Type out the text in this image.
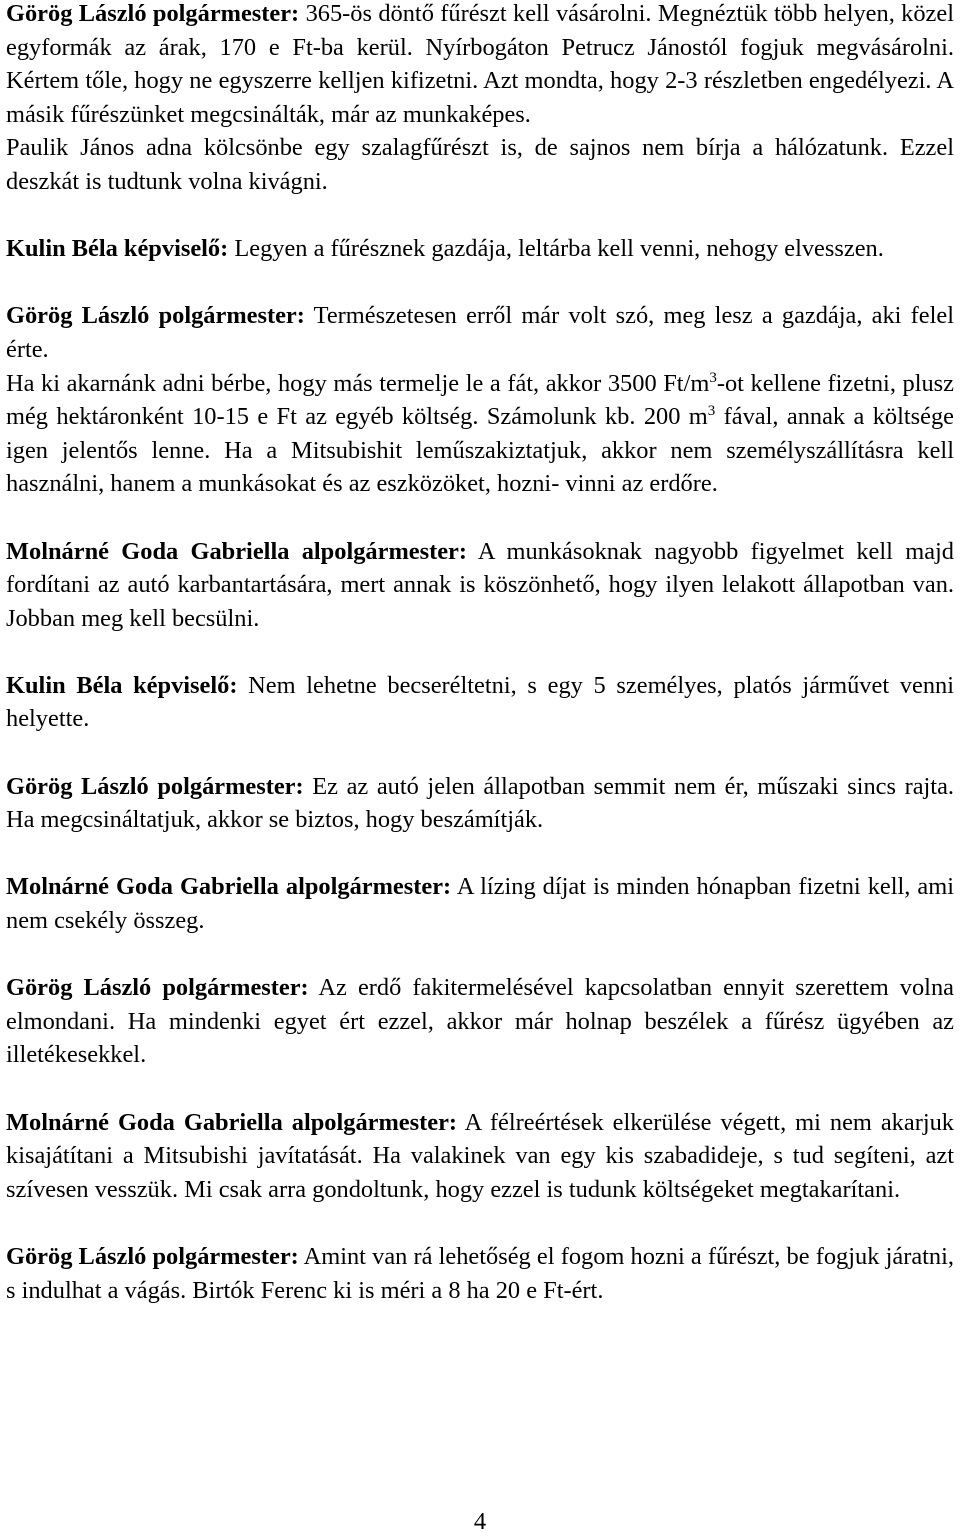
Görög László polgármester: 365-ös döntő fűrészt kell vásárolni. Megnéztük több helyen, közel egyformák az árak, 170 e Ft-ba kerül. Nyírbogáton Petrucz Jánostól fogjuk megvásárolni. Kértem tőle, hogy ne egyszerre kelljen kifizetni. Azt mondta, hogy 2-3 részletben engedélyezi. A másik fűrészünket megcsinálták, már az munkaképes.

Paulik János adna kölcsönbe egy szalagfűrészt is, de sajnos nem bírja a hálózatunk. Ezzel deszkát is tudtunk volna kivágni.

Kulin Béla képviselő: Legyen a fűrésznek gazdája, leltárba kell venni, nehogy elvesszen.

Görög László polgármester: Természetesen erről már volt szó, meg lesz a gazdája, aki felel érte.

Ha ki akarnánk adni bérbe, hogy más termelje le a fát, akkor 3500 $Ft/m^3-ot$ kellene fizetni, plusz még hektáronként 10-15 e Ft az egyéb költség. Számolunk kb. 200 $m^3$ fával, annak a költsége igen jelentős lenne. Ha a Mitsubishit leműszakiztatjuk, akkor nem személyszállításra kell használni, hanem a munkásokat és az eszközöket, hozni- vinni az erdőre.

Molnárné Goda Gabriella alpolgármester: A munkásoknak nagyobb figyelmet kell majd fordítani az autó karbantartására, mert annak is köszönhető, hogy ilyen lelakott állapotban van. Jobban meg kell becsülni.

Kulin Béla képviselő: Nem lehetne becseréltetni, s egy 5 személyes, platós járművet venni helyette.

Görög László polgármester: Ez az autó jelen állapotban semmit nem ér, műszaki sincs rajta. Ha megcsináltatjuk, akkor se biztos, hogy beszámítják.

Molnárné Goda Gabriella alpolgármester: A lízing díjat is minden hónapban fizetni kell, ami nem csekély összeg.

Görög László polgármester: Az erdő fakitermelésével kapcsolatban ennyit szerettem volna elmondani. Ha mindenki egyet ért ezzel, akkor már holnap beszélek a fűrész ügyében az illetékesekkel.

Molnárné Goda Gabriella alpolgármester: A félreértések elkerülése végett, mi nem akarjuk kisajátítani a Mitsubishi javítatását. Ha valakinek van egy kis szabadideje, s tud segíteni, azt szívesen vesszük. Mi csak arra gondoltunk, hogy ezzel is tudunk költségeket megtakarítani.

Görög László polgármester: Amint van rá lehetőség el fogom hozni a fűrészt, be fogjuk járatni, s indulhat a vágás. Birtók Ferenc ki is méri a 8 ha 20 e Ft-ért.

4
